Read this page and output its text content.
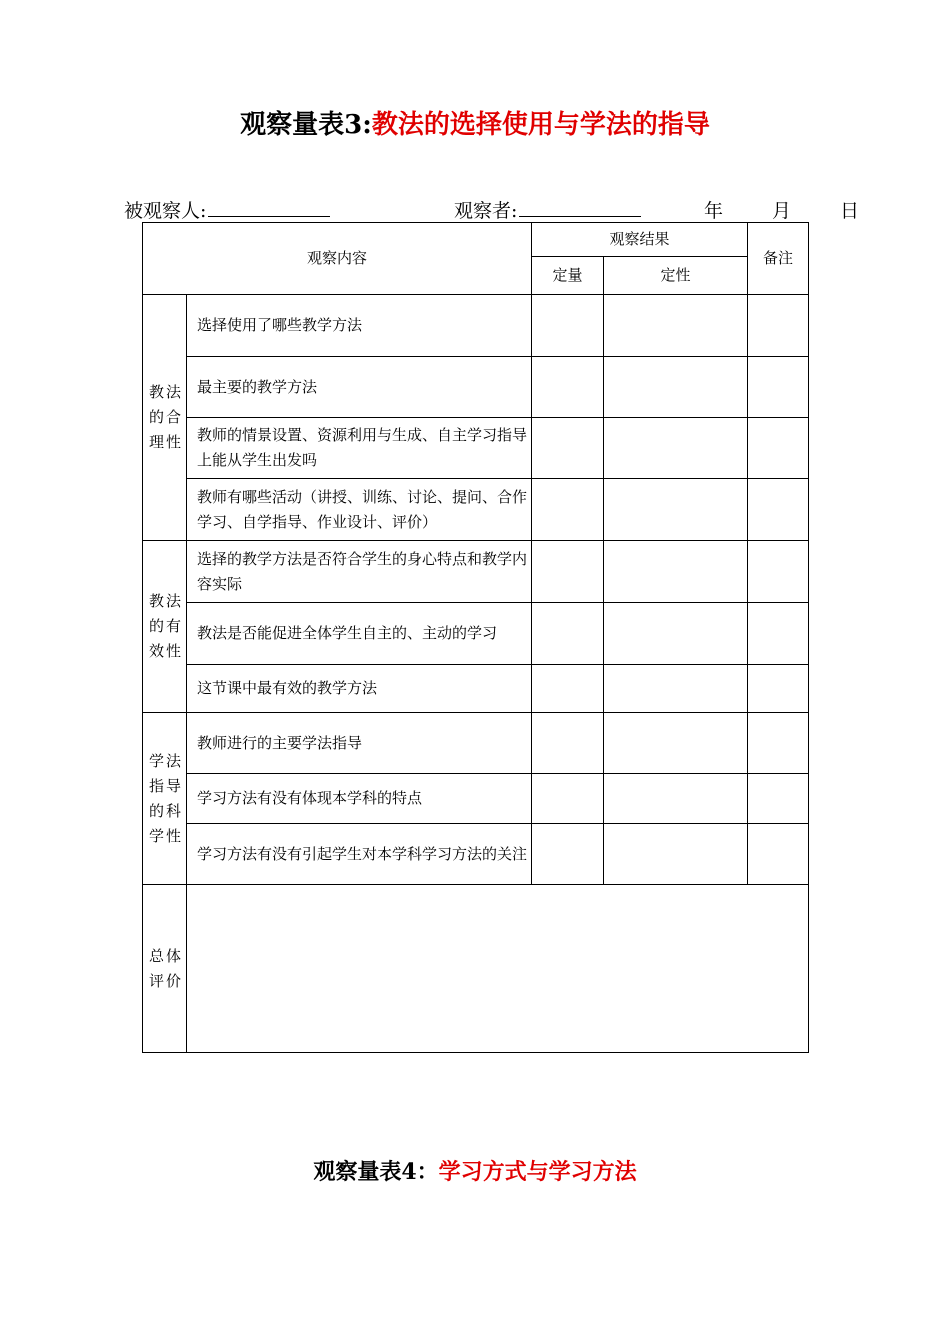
观察量表3:教法的选择使用与学法的指导
被观察人:	观察者:	年	月	日
观察内容		观察结果		备注
		定量	定性	
教法的合理性	选择使用了哪些教学方法			
	最主要的教学方法			
	教师的情景设置、资源利用与生成、自主学习指导上能从学生出发吗			
	教师有哪些活动（讲授、训练、讨论、提问、合作学习、自学指导、作业设计、评价）			
教法的有效性	选择的教学方法是否符合学生的身心特点和教学内容实际			
	教法是否能促进全体学生自主的、主动的学习			
	这节课中最有效的教学方法			
学法指导的科学性	教师进行的主要学法指导			
	学习方法有没有体现本学科的特点			
	学习方法有没有引起学生对本学科学习方法的关注			
总体评价				
观察量表4：学习方式与学习方法
